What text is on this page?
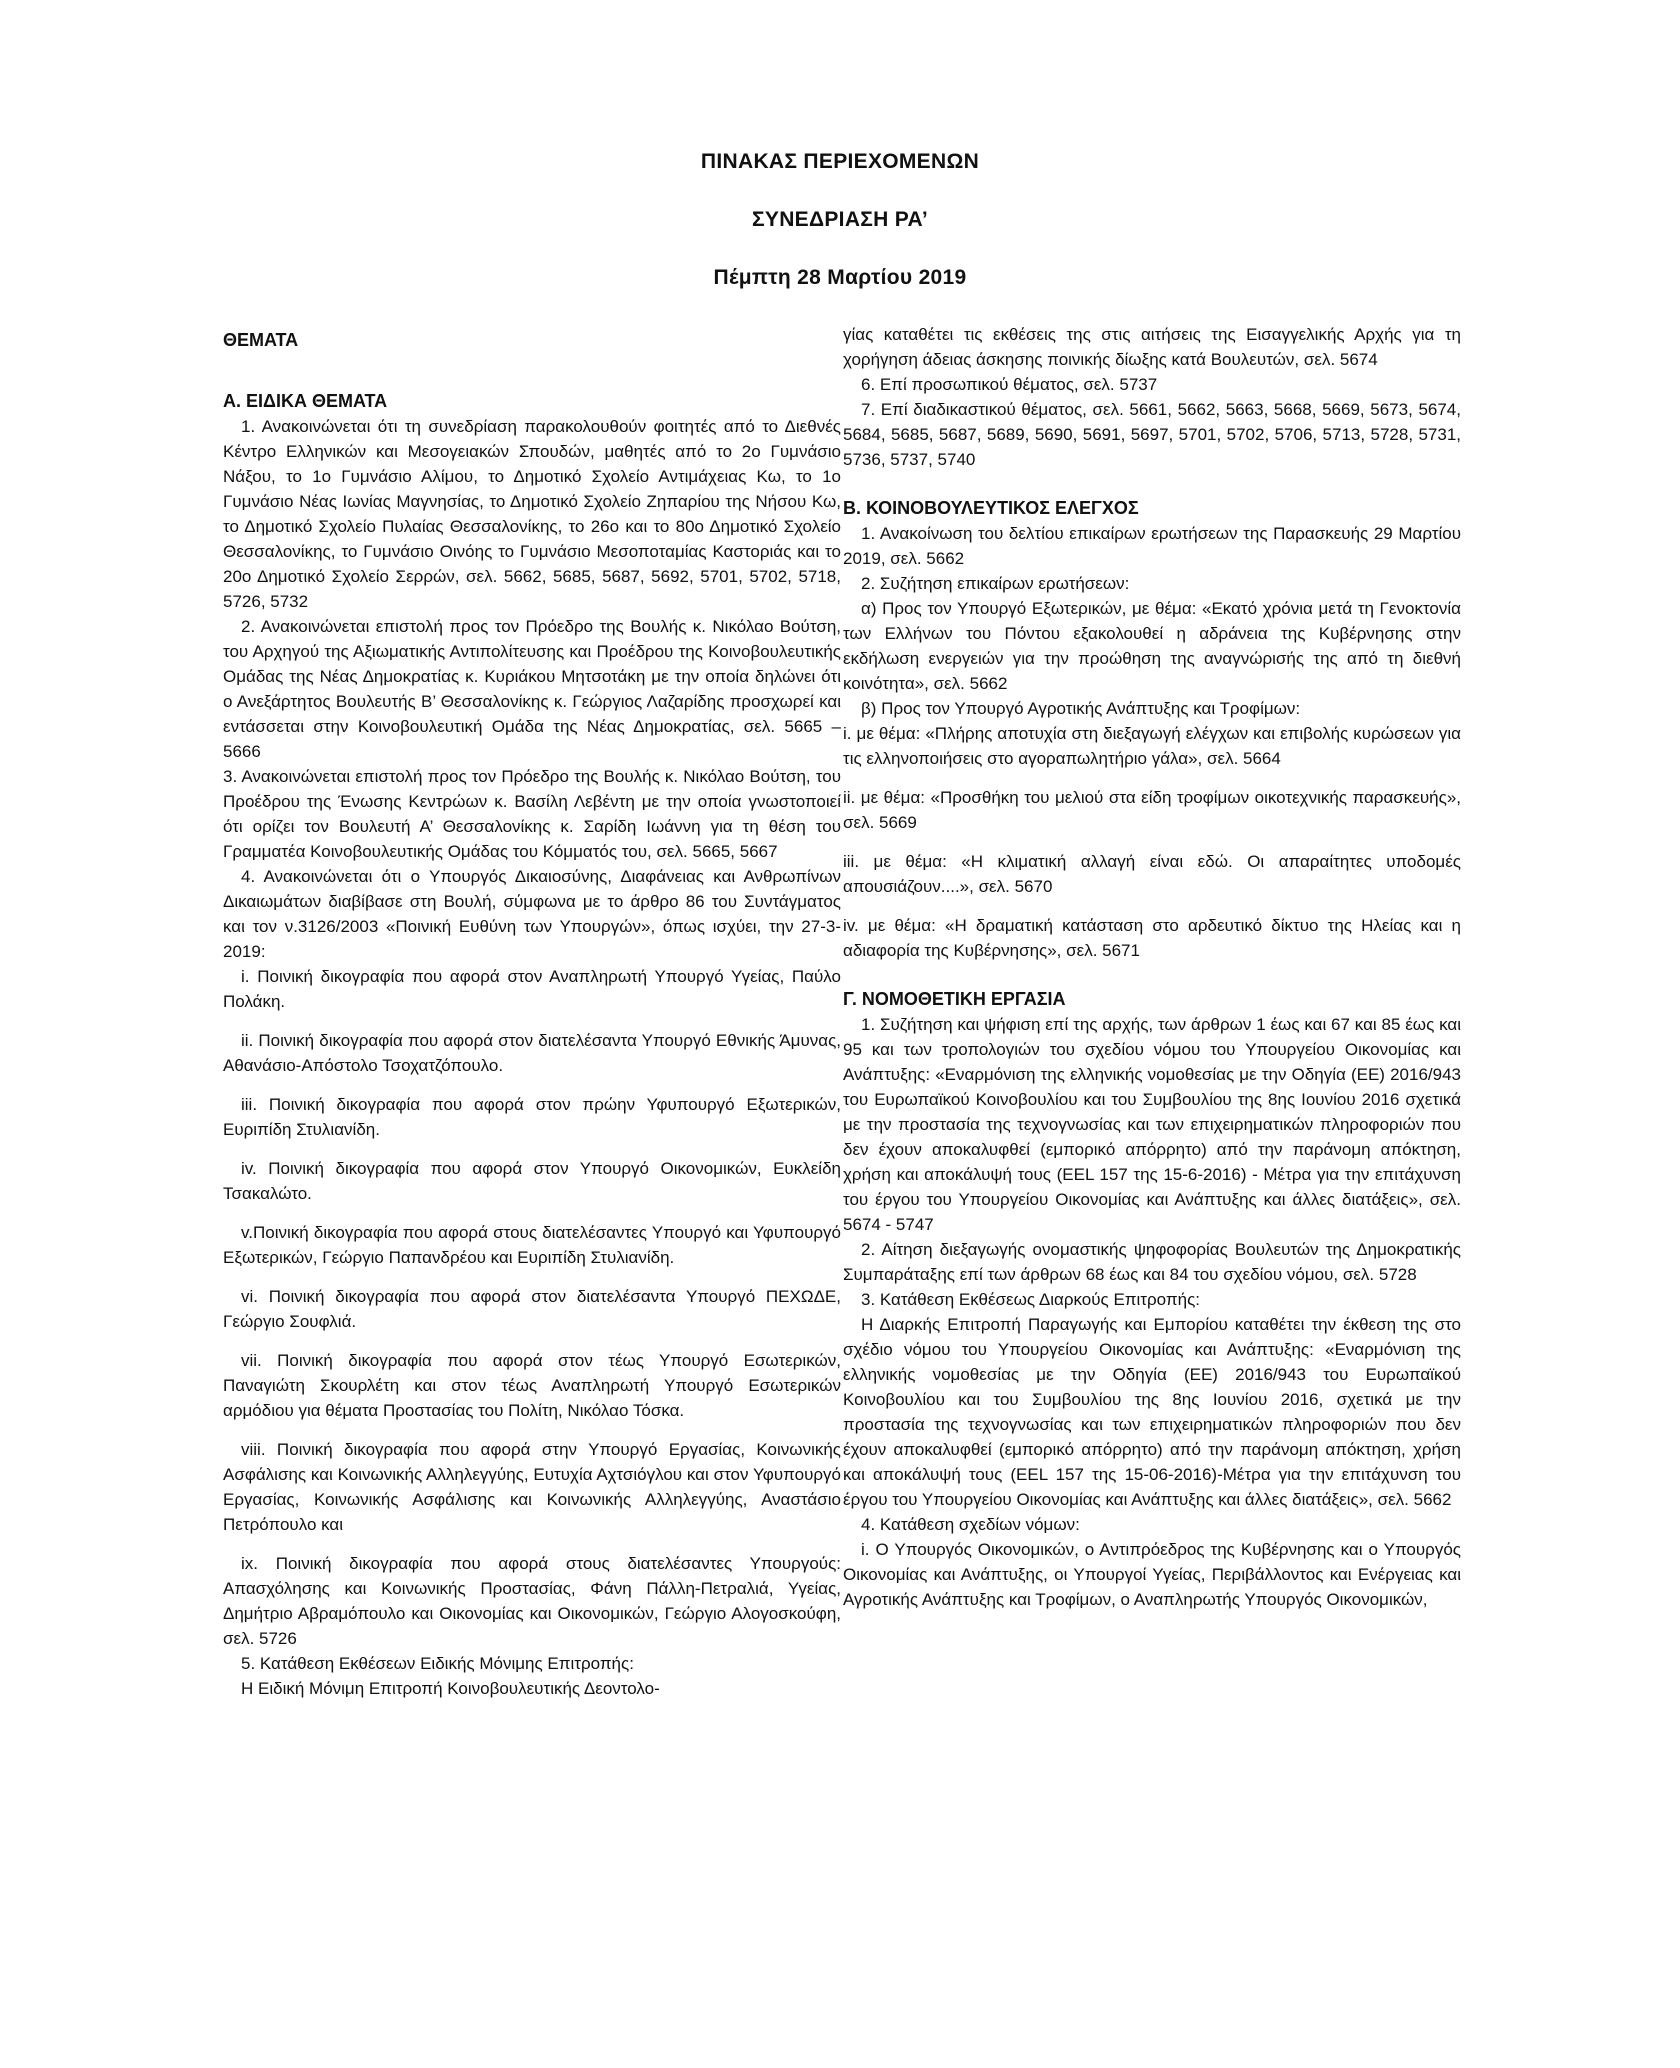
ΠΙΝΑΚΑΣ ΠΕΡΙΕΧΟΜΕΝΩΝ
ΣΥΝΕΔΡΙΑΣΗ ΡΑ’
Πέμπτη 28 Μαρτίου 2019
ΘΕΜΑΤΑ
Α. ΕΙΔΙΚΑ ΘΕΜΑΤΑ

1. Ανακοινώνεται ότι τη συνεδρίαση παρακολουθούν φοιτητές από το Διεθνές Κέντρο Ελληνικών και Μεσογειακών Σπουδών, μαθητές από το 2ο Γυμνάσιο Νάξου, το 1ο Γυμνάσιο Αλίμου, το Δημοτικό Σχολείο Αντιμάχειας Κω, το 1ο Γυμνάσιο Νέας Ιωνίας Μαγνησίας, το Δημοτικό Σχολείο Ζηπαρίου της Νήσου Κω, το Δημοτικό Σχολείο Πυλαίας Θεσσαλονίκης, το 26ο και το 80ο Δημοτικό Σχολείο Θεσσαλονίκης, το Γυμνάσιο Οινόης το Γυμνάσιο Μεσοποταμίας Καστοριάς και το 20ο Δημοτικό Σχολείο Σερρών, σελ. 5662, 5685, 5687, 5692, 5701, 5702, 5718, 5726, 5732

2. Ανακοινώνεται επιστολή προς τον Πρόεδρο της Βουλής κ. Νικόλαο Βούτση, του Αρχηγού της Αξιωματικής Αντιπολίτευσης και Προέδρου της Κοινοβουλευτικής Ομάδας της Νέας Δημοκρατίας κ. Κυριάκου Μητσοτάκη με την οποία δηλώνει ότι ο Ανεξάρτητος Βουλευτής Β’ Θεσσαλονίκης κ. Γεώργιος Λαζαρίδης προσχωρεί και εντάσσεται στην Κοινοβουλευτική Ομάδα της Νέας Δημοκρατίας, σελ. 5665 – 5666

3. Ανακοινώνεται επιστολή προς τον Πρόεδρο της Βουλής κ. Νικόλαο Βούτση, του Προέδρου της Ένωσης Κεντρώων κ. Βασίλη Λεβέντη με την οποία γνωστοποιεί ότι ορίζει τον Βουλευτή Α’ Θεσσαλονίκης κ. Σαρίδη Ιωάννη για τη θέση του Γραμματέα Κοινοβουλευτικής Ομάδας του Κόμματός του, σελ. 5665, 5667

4. Ανακοινώνεται ότι ο Υπουργός Δικαιοσύνης, Διαφάνειας και Ανθρωπίνων Δικαιωμάτων διαβίβασε στη Βουλή, σύμφωνα με το άρθρο 86 του Συντάγματος και τον ν.3126/2003 «Ποινική Ευθύνη των Υπουργών», όπως ισχύει, την 27-3-2019:

i. Ποινική δικογραφία που αφορά στον Αναπληρωτή Υπουργό Υγείας, Παύλο Πολάκη.

ii. Ποινική δικογραφία που αφορά στον διατελέσαντα Υπουργό Εθνικής Άμυνας, Αθανάσιο-Απόστολο Τσοχατζόπουλο.

iii. Ποινική δικογραφία που αφορά στον πρώην Υφυπουργό Εξωτερικών, Ευριπίδη Στυλιανίδη.

iv. Ποινική δικογραφία που αφορά στον Υπουργό Οικονομικών, Ευκλείδη Τσακαλώτο.

v.Ποινική δικογραφία που αφορά στους διατελέσαντες Υπουργό και Υφυπουργό Εξωτερικών, Γεώργιο Παπανδρέου και Ευριπίδη Στυλιανίδη.

vi. Ποινική δικογραφία που αφορά στον διατελέσαντα Υπουργό ΠΕΧΩΔΕ, Γεώργιο Σουφλιά.

vii. Ποινική δικογραφία που αφορά στον τέως Υπουργό Εσωτερικών, Παναγιώτη Σκουρλέτη και στον τέως Αναπληρωτή Υπουργό Εσωτερικών αρμόδιου για θέματα Προστασίας του Πολίτη, Νικόλαο Τόσκα.

viii. Ποινική δικογραφία που αφορά στην Υπουργό Εργασίας, Κοινωνικής Ασφάλισης και Κοινωνικής Αλληλεγγύης, Ευτυχία Αχτσιόγλου και στον Υφυπουργό Εργασίας, Κοινωνικής Ασφάλισης και Κοινωνικής Αλληλεγγύης, Αναστάσιο Πετρόπουλο και

ix. Ποινική δικογραφία που αφορά στους διατελέσαντες Υπουργούς: Απασχόλησης και Κοινωνικής Προστασίας, Φάνη Πάλλη-Πετραλιά, Υγείας, Δημήτριο Αβραμόπουλο και Οικονομίας και Οικονομικών, Γεώργιο Αλογοσκούφη, σελ. 5726

5. Κατάθεση Εκθέσεων Ειδικής Μόνιμης Επιτροπής:

Η Ειδική Μόνιμη Επιτροπή Κοινοβουλευτικής Δεοντολο-

γίας καταθέτει τις εκθέσεις της στις αιτήσεις της Εισαγγελικής Αρχής για τη χορήγηση άδειας άσκησης ποινικής δίωξης κατά Βουλευτών, σελ. 5674

6. Επί προσωπικού θέματος, σελ. 5737

7. Επί διαδικαστικού θέματος, σελ. 5661, 5662, 5663, 5668, 5669, 5673, 5674, 5684, 5685, 5687, 5689, 5690, 5691, 5697, 5701, 5702, 5706, 5713, 5728, 5731, 5736, 5737, 5740

Β. ΚΟΙΝΟΒΟΥΛΕΥΤΙΚΟΣ ΕΛΕΓΧΟΣ

1. Ανακοίνωση του δελτίου επικαίρων ερωτήσεων της Παρασκευής 29 Μαρτίου 2019, σελ. 5662

2. Συζήτηση επικαίρων ερωτήσεων:

α) Προς τον Υπουργό Εξωτερικών, με θέμα: «Εκατό χρόνια μετά τη Γενοκτονία των Ελλήνων του Πόντου εξακολουθεί η αδράνεια της Κυβέρνησης στην εκδήλωση ενεργειών για την προώθηση της αναγνώρισής της από τη διεθνή κοινότητα», σελ. 5662

β) Προς τον Υπουργό Αγροτικής Ανάπτυξης και Τροφίμων:

i. με θέμα: «Πλήρης αποτυχία στη διεξαγωγή ελέγχων και επιβολής κυρώσεων για τις ελληνοποιήσεις στο αγοραπωλητήριο γάλα», σελ. 5664

ii. με θέμα: «Προσθήκη του μελιού στα είδη τροφίμων οικοτεχνικής παρασκευής», σελ. 5669

iii. με θέμα: «Η κλιματική αλλαγή είναι εδώ. Οι απαραίτητες υποδομές απουσιάζουν....», σελ. 5670

iv. με θέμα: «Η δραματική κατάσταση στο αρδευτικό δίκτυο της Ηλείας και η αδιαφορία της Κυβέρνησης», σελ. 5671

Γ. ΝΟΜΟΘΕΤΙΚΗ ΕΡΓΑΣΙΑ

1. Συζήτηση και ψήφιση επί της αρχής, των άρθρων 1 έως και 67 και 85 έως και 95 και των τροπολογιών του σχεδίου νόμου του Υπουργείου Οικονομίας και Ανάπτυξης: «Εναρμόνιση της ελληνικής νομοθεσίας με την Οδηγία (ΕΕ) 2016/943 του Ευρωπαϊκού Κοινοβουλίου και του Συμβουλίου της 8ης Ιουνίου 2016 σχετικά με την προστασία της τεχνογνωσίας και των επιχειρηματικών πληροφοριών που δεν έχουν αποκαλυφθεί (εμπορικό απόρρητο) από την παράνομη απόκτηση, χρήση και αποκάλυψή τους (EEL 157 της 15-6-2016) - Μέτρα για την επιτάχυνση του έργου του Υπουργείου Οικονομίας και Ανάπτυξης και άλλες διατάξεις», σελ. 5674 - 5747

2. Αίτηση διεξαγωγής ονομαστικής ψηφοφορίας Βουλευτών της Δημοκρατικής Συμπαράταξης επί των άρθρων 68 έως και 84 του σχεδίου νόμου, σελ. 5728

3. Κατάθεση Εκθέσεως Διαρκούς Επιτροπής:

Η Διαρκής Επιτροπή Παραγωγής και Εμπορίου καταθέτει την έκθεση της στο σχέδιο νόμου του Υπουργείου Οικονομίας και Ανάπτυξης: «Εναρμόνιση της ελληνικής νομοθεσίας με την Οδηγία (ΕΕ) 2016/943 του Ευρωπαϊκού Κοινοβουλίου και του Συμβουλίου της 8ης Ιουνίου 2016, σχετικά με την προστασία της τεχνογνωσίας και των επιχειρηματικών πληροφοριών που δεν έχουν αποκαλυφθεί (εμπορικό απόρρητο) από την παράνομη απόκτηση, χρήση και αποκάλυψή τους (EEL 157 της 15-06-2016)-Μέτρα για την επιτάχυνση του έργου του Υπουργείου Οικονομίας και Ανάπτυξης και άλλες διατάξεις», σελ. 5662

4. Κατάθεση σχεδίων νόμων:

i. Ο Υπουργός Οικονομικών, ο Αντιπρόεδρος της Κυβέρνησης και ο Υπουργός Οικονομίας και Ανάπτυξης, οι Υπουργοί Υγείας, Περιβάλλοντος και Ενέργειας και Αγροτικής Ανάπτυξης και Τροφίμων, ο Αναπληρωτής Υπουργός Οικονομικών,
